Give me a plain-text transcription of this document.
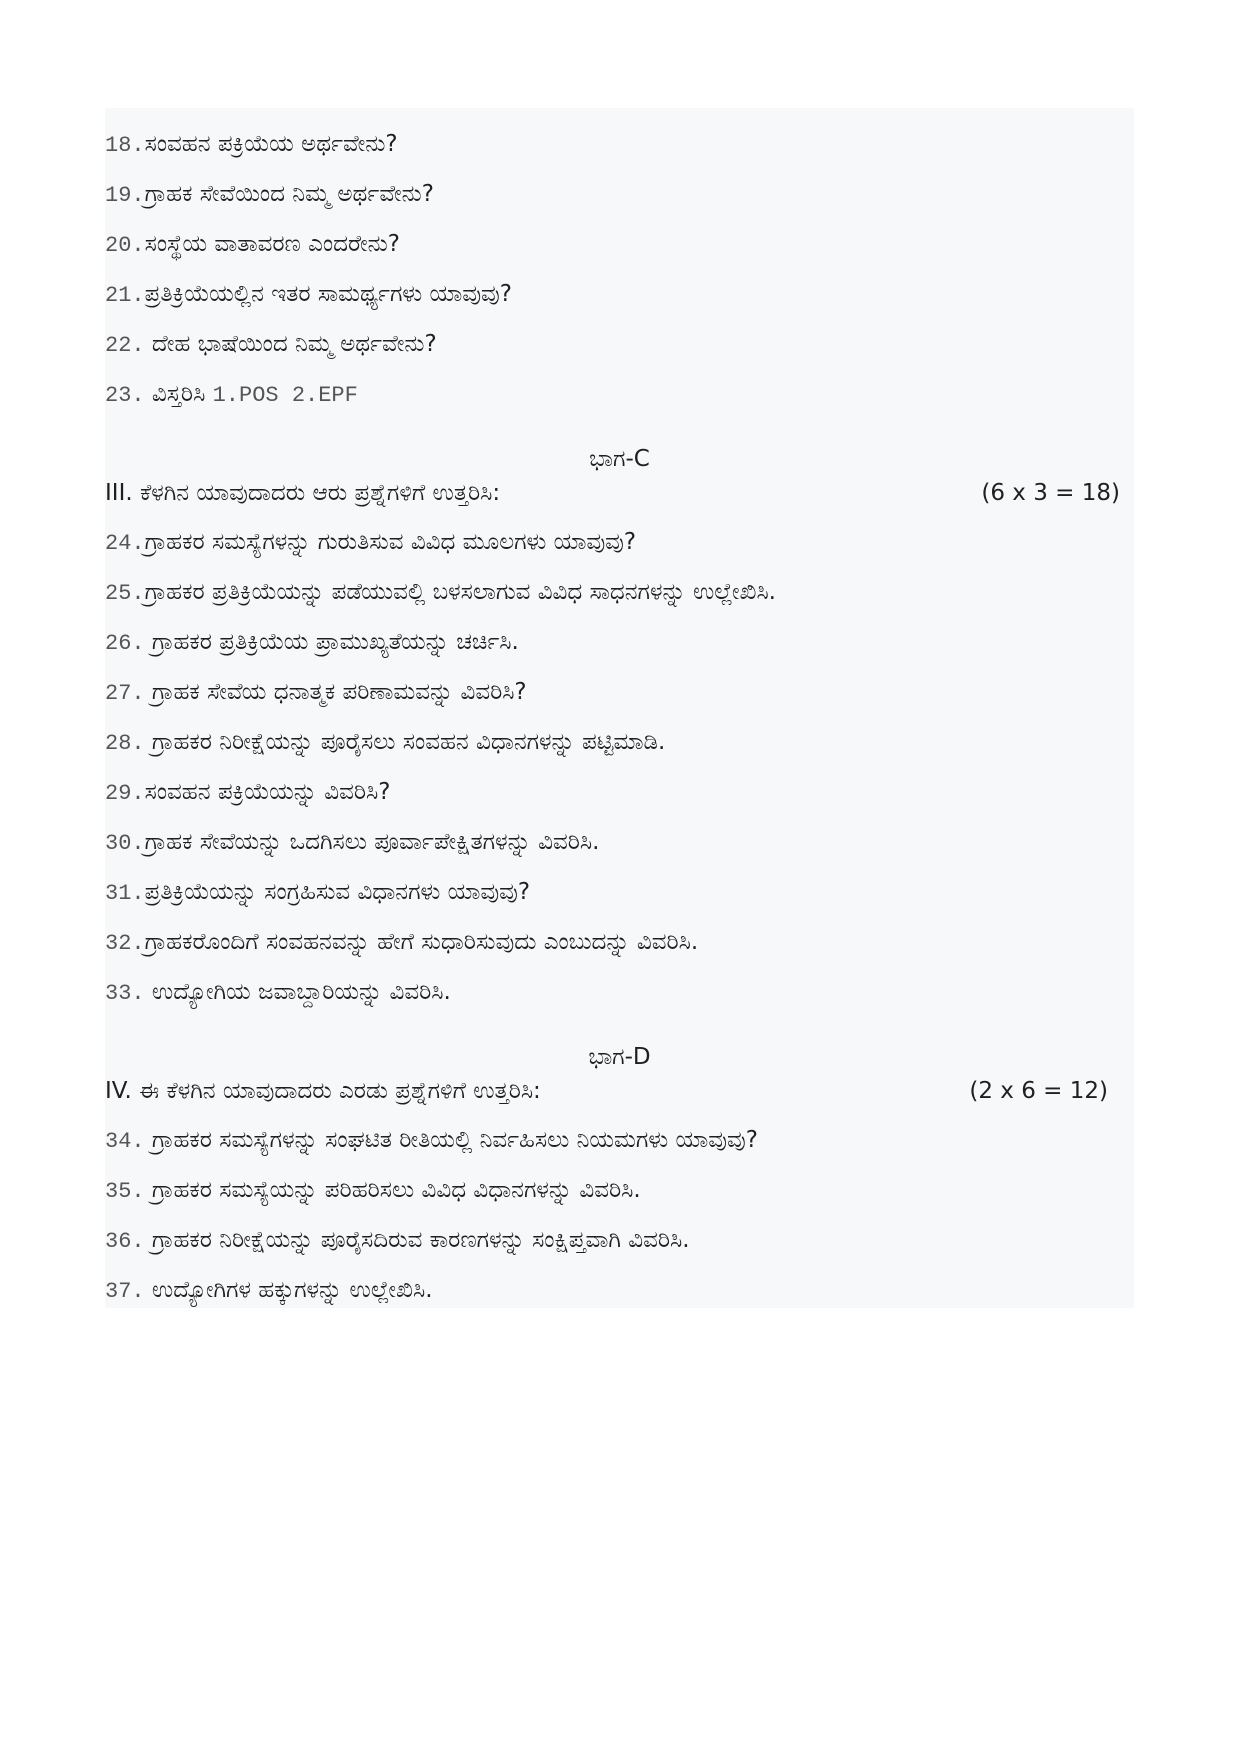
18.ಸಂವಹನ ಪಕ್ರಿಯೆಯ ಅರ್ಥವೇನು?
19.ಗ್ರಾಹಕ ಸೇವೆಯಿಂದ ನಿಮ್ಮ ಅರ್ಥವೇನು?
20.ಸಂಸ್ಥೆಯ ವಾತಾವರಣ ಎಂದರೇನು?
21.ಪ್ರತಿಕ್ರಿಯೆಯಲ್ಲಿನ ಇತರ ಸಾಮರ್ಥ್ಯಗಳು ಯಾವುವು?
22. ದೇಹ ಭಾಷೆಯಿಂದ ನಿಮ್ಮ ಅರ್ಥವೇನು?
23. ವಿಸ್ತರಿಸಿ 1.POS 2.EPF
ಭಾಗ-C
III. ಕೆಳಗಿನ ಯಾವುದಾದರು ಆರು ಪ್ರಶ್ನೆಗಳಿಗೆ ಉತ್ತರಿಸಿ:	(6 x 3 = 18)
24.ಗ್ರಾಹಕರ ಸಮಸ್ಯೆಗಳನ್ನು ಗುರುತಿಸುವ ವಿವಿಧ ಮೂಲಗಳು ಯಾವುವು?
25.ಗ್ರಾಹಕರ ಪ್ರತಿಕ್ರಿಯೆಯನ್ನು ಪಡೆಯುವಲ್ಲಿ ಬಳಸಲಾಗುವ ವಿವಿಧ ಸಾಧನಗಳನ್ನು ಉಲ್ಲೇಖಿಸಿ.
26. ಗ್ರಾಹಕರ ಪ್ರತಿಕ್ರಿಯೆಯ ಪ್ರಾಮುಖ್ಯತೆಯನ್ನು ಚರ್ಚಿಸಿ.
27. ಗ್ರಾಹಕ ಸೇವೆಯ ಧನಾತ್ಮಕ ಪರಿಣಾಮವನ್ನು ವಿವರಿಸಿ?
28. ಗ್ರಾಹಕರ ನಿರೀಕ್ಷೆಯನ್ನು ಪೂರೈಸಲು ಸಂವಹನ ವಿಧಾನಗಳನ್ನು ಪಟ್ಟಿಮಾಡಿ.
29.ಸಂವಹನ ಪಕ್ರಿಯೆಯನ್ನು ವಿವರಿಸಿ?
30.ಗ್ರಾಹಕ ಸೇವೆಯನ್ನು ಒದಗಿಸಲು ಪೂರ್ವಾಪೇಕ್ಷಿತಗಳನ್ನು ವಿವರಿಸಿ.
31.ಪ್ರತಿಕ್ರಿಯೆಯನ್ನು ಸಂಗ್ರಹಿಸುವ ವಿಧಾನಗಳು ಯಾವುವು?
32.ಗ್ರಾಹಕರೊಂದಿಗೆ ಸಂವಹನವನ್ನು ಹೇಗೆ ಸುಧಾರಿಸುವುದು ಎಂಬುದನ್ನು ವಿವರಿಸಿ.
33. ಉದ್ಯೋಗಿಯ ಜವಾಬ್ದಾರಿಯನ್ನು ವಿವರಿಸಿ.
ಭಾಗ-D
IV. ಈ ಕೆಳಗಿನ ಯಾವುದಾದರು ಎರಡು ಪ್ರಶ್ನೆಗಳಿಗೆ ಉತ್ತರಿಸಿ:	(2 x 6 = 12)
34. ಗ್ರಾಹಕರ ಸಮಸ್ಯೆಗಳನ್ನು ಸಂಘಟಿತ ರೀತಿಯಲ್ಲಿ ನಿರ್ವಹಿಸಲು ನಿಯಮಗಳು ಯಾವುವು?
35. ಗ್ರಾಹಕರ ಸಮಸ್ಯೆಯನ್ನು ಪರಿಹರಿಸಲು ವಿವಿಧ ವಿಧಾನಗಳನ್ನು ವಿವರಿಸಿ.
36. ಗ್ರಾಹಕರ ನಿರೀಕ್ಷೆಯನ್ನು ಪೂರೈಸದಿರುವ ಕಾರಣಗಳನ್ನು ಸಂಕ್ಷಿಪ್ತವಾಗಿ ವಿವರಿಸಿ.
37. ಉದ್ಯೋಗಿಗಳ ಹಕ್ಕುಗಳನ್ನು ಉಲ್ಲೇಖಿಸಿ.
